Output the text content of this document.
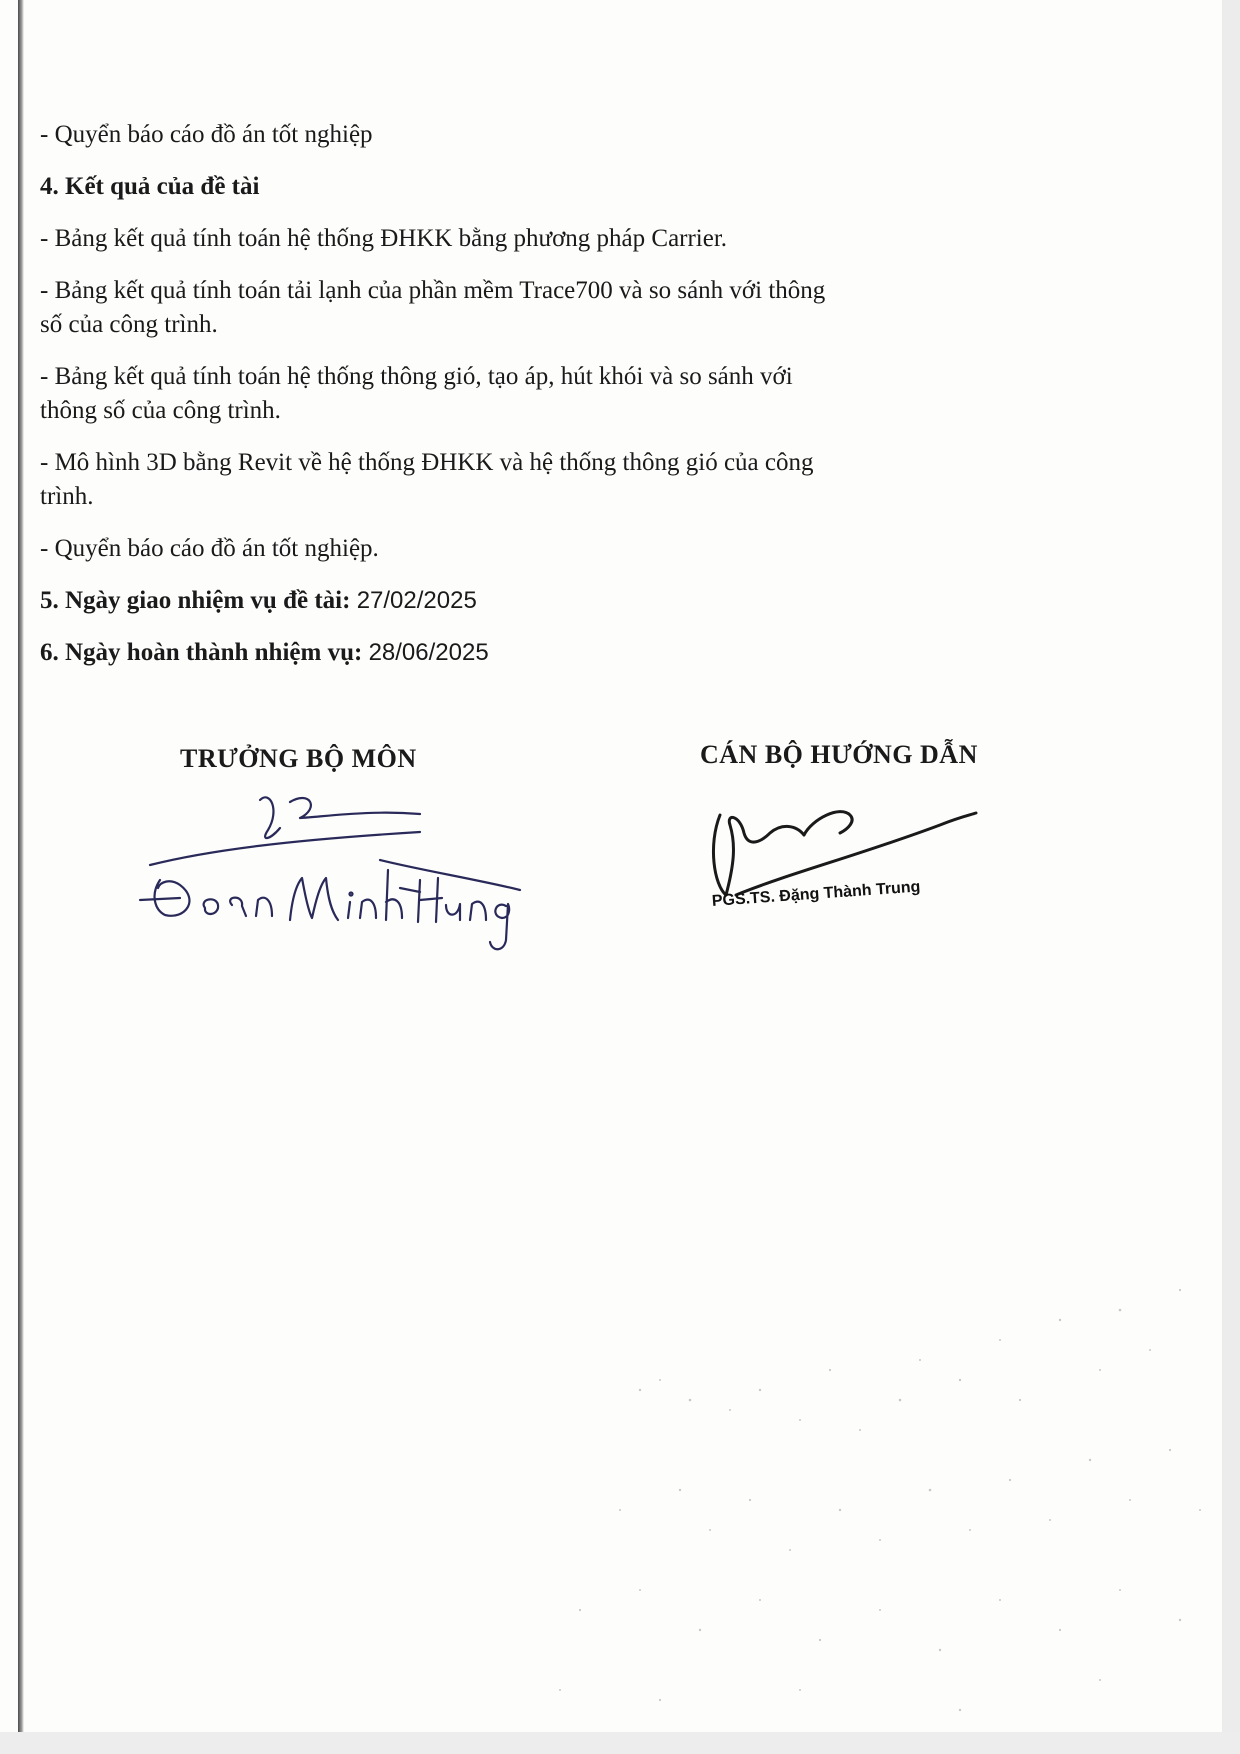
- Quyển báo cáo đồ án tốt nghiệp

4. Kết quả của đề tài

- Bảng kết quả tính toán hệ thống ĐHKK bằng phương pháp Carrier.
- Bảng kết quả tính toán tải lạnh của phần mềm Trace700 và so sánh với thông
số của công trình.
- Bảng kết quả tính toán hệ thống thông gió, tạo áp, hút khói và so sánh với
thông số của công trình.
- Mô hình 3D bằng Revit về hệ thống ĐHKK và hệ thống thông gió của công
trình.
- Quyển báo cáo đồ án tốt nghiệp.

5. Ngày giao nhiệm vụ đề tài: 27/02/2025

6. Ngày hoàn thành nhiệm vụ: 28/06/2025

TRƯỞNG BỘ MÔN	CÁN BỘ HƯỚNG DẪN
PGS.TS. Đặng Thành Trung
